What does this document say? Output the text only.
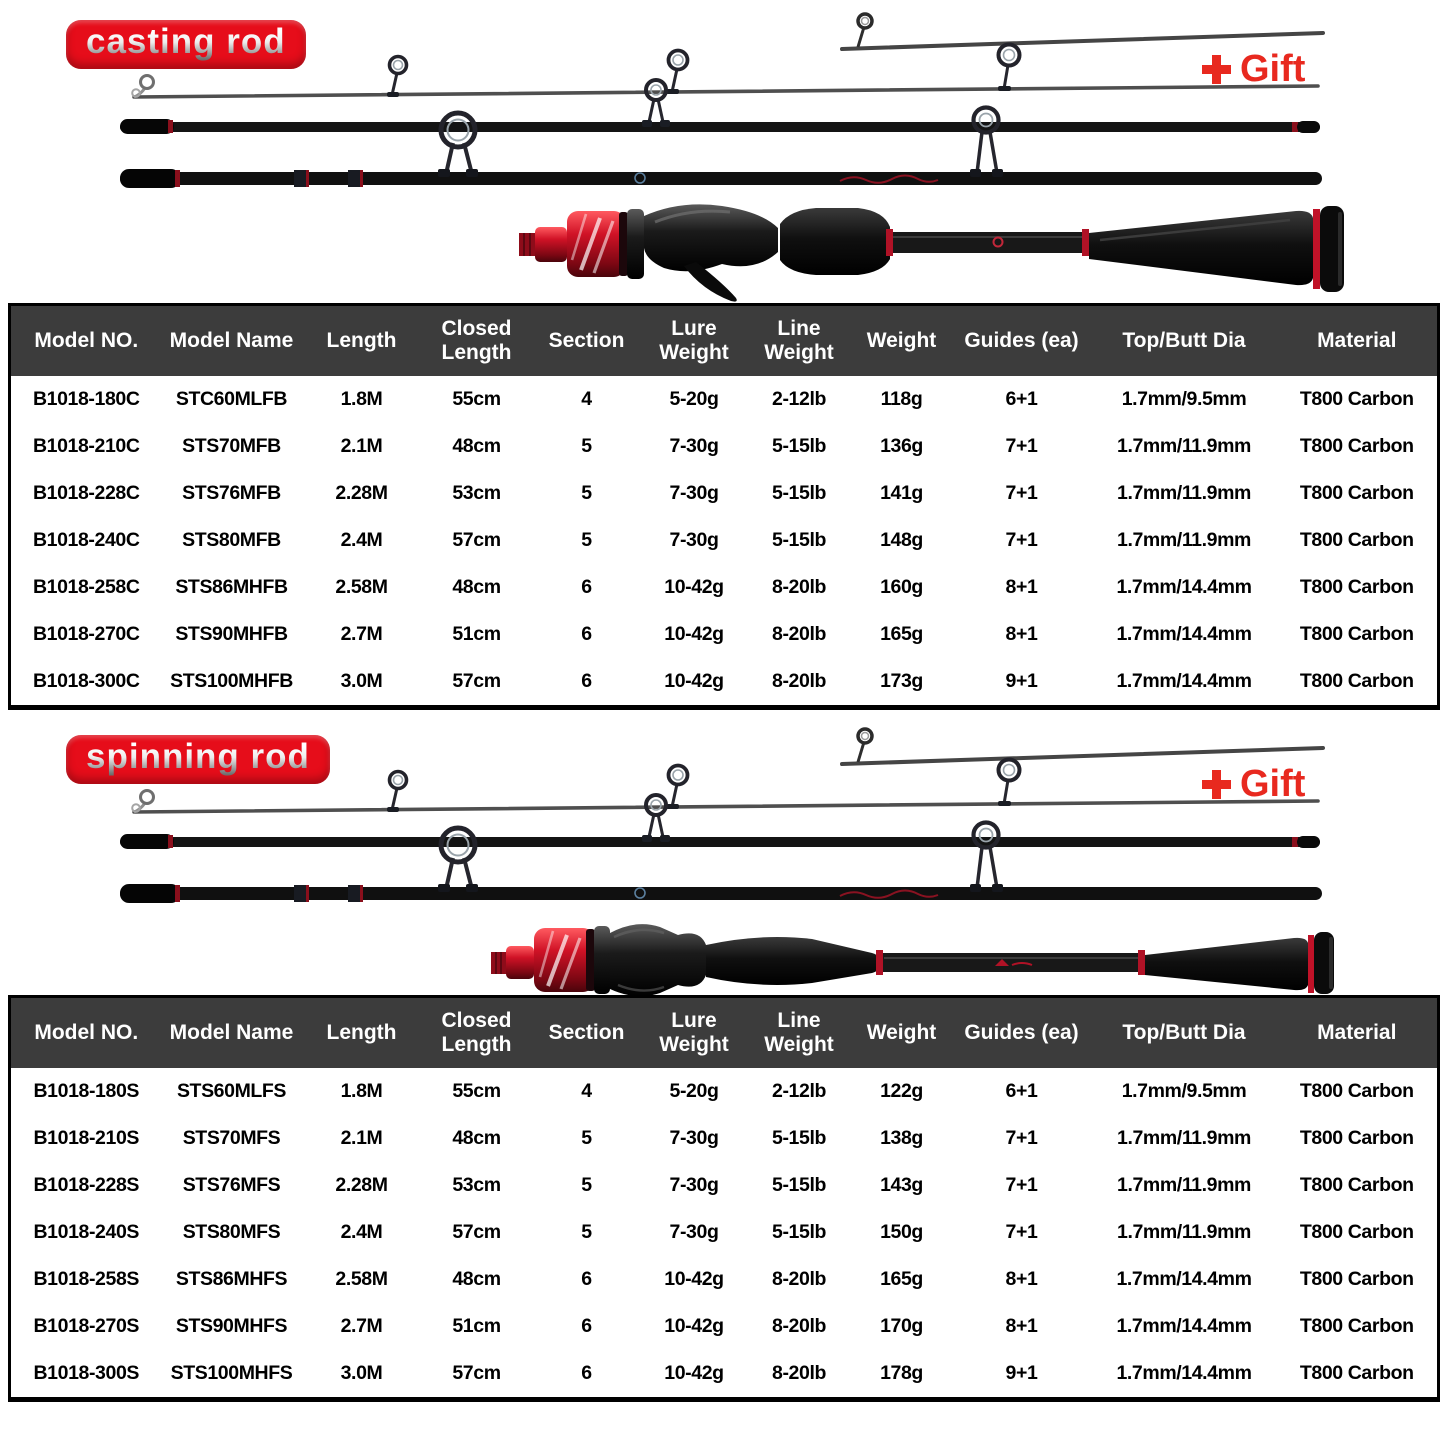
casting rod
Gift
Model NO.	Model Name	Length	Closed Length	Section	Lure Weight	Line Weight	Weight	Guides (ea)	Top/Butt Dia	Material
B1018-180C	STC60MLFB	1.8M	55cm	4	5-20g	2-12lb	118g	6+1	1.7mm/9.5mm	T800 Carbon
B1018-210C	STS70MFB	2.1M	48cm	5	7-30g	5-15lb	136g	7+1	1.7mm/11.9mm	T800 Carbon
B1018-228C	STS76MFB	2.28M	53cm	5	7-30g	5-15lb	141g	7+1	1.7mm/11.9mm	T800 Carbon
B1018-240C	STS80MFB	2.4M	57cm	5	7-30g	5-15lb	148g	7+1	1.7mm/11.9mm	T800 Carbon
B1018-258C	STS86MHFB	2.58M	48cm	6	10-42g	8-20lb	160g	8+1	1.7mm/14.4mm	T800 Carbon
B1018-270C	STS90MHFB	2.7M	51cm	6	10-42g	8-20lb	165g	8+1	1.7mm/14.4mm	T800 Carbon
B1018-300C	STS100MHFB	3.0M	57cm	6	10-42g	8-20lb	173g	9+1	1.7mm/14.4mm	T800 Carbon
spinning rod
Gift
Model NO.	Model Name	Length	Closed Length	Section	Lure Weight	Line Weight	Weight	Guides (ea)	Top/Butt Dia	Material
B1018-180S	STS60MLFS	1.8M	55cm	4	5-20g	2-12lb	122g	6+1	1.7mm/9.5mm	T800 Carbon
B1018-210S	STS70MFS	2.1M	48cm	5	7-30g	5-15lb	138g	7+1	1.7mm/11.9mm	T800 Carbon
B1018-228S	STS76MFS	2.28M	53cm	5	7-30g	5-15lb	143g	7+1	1.7mm/11.9mm	T800 Carbon
B1018-240S	STS80MFS	2.4M	57cm	5	7-30g	5-15lb	150g	7+1	1.7mm/11.9mm	T800 Carbon
B1018-258S	STS86MHFS	2.58M	48cm	6	10-42g	8-20lb	165g	8+1	1.7mm/14.4mm	T800 Carbon
B1018-270S	STS90MHFS	2.7M	51cm	6	10-42g	8-20lb	170g	8+1	1.7mm/14.4mm	T800 Carbon
B1018-300S	STS100MHFS	3.0M	57cm	6	10-42g	8-20lb	178g	9+1	1.7mm/14.4mm	T800 Carbon
